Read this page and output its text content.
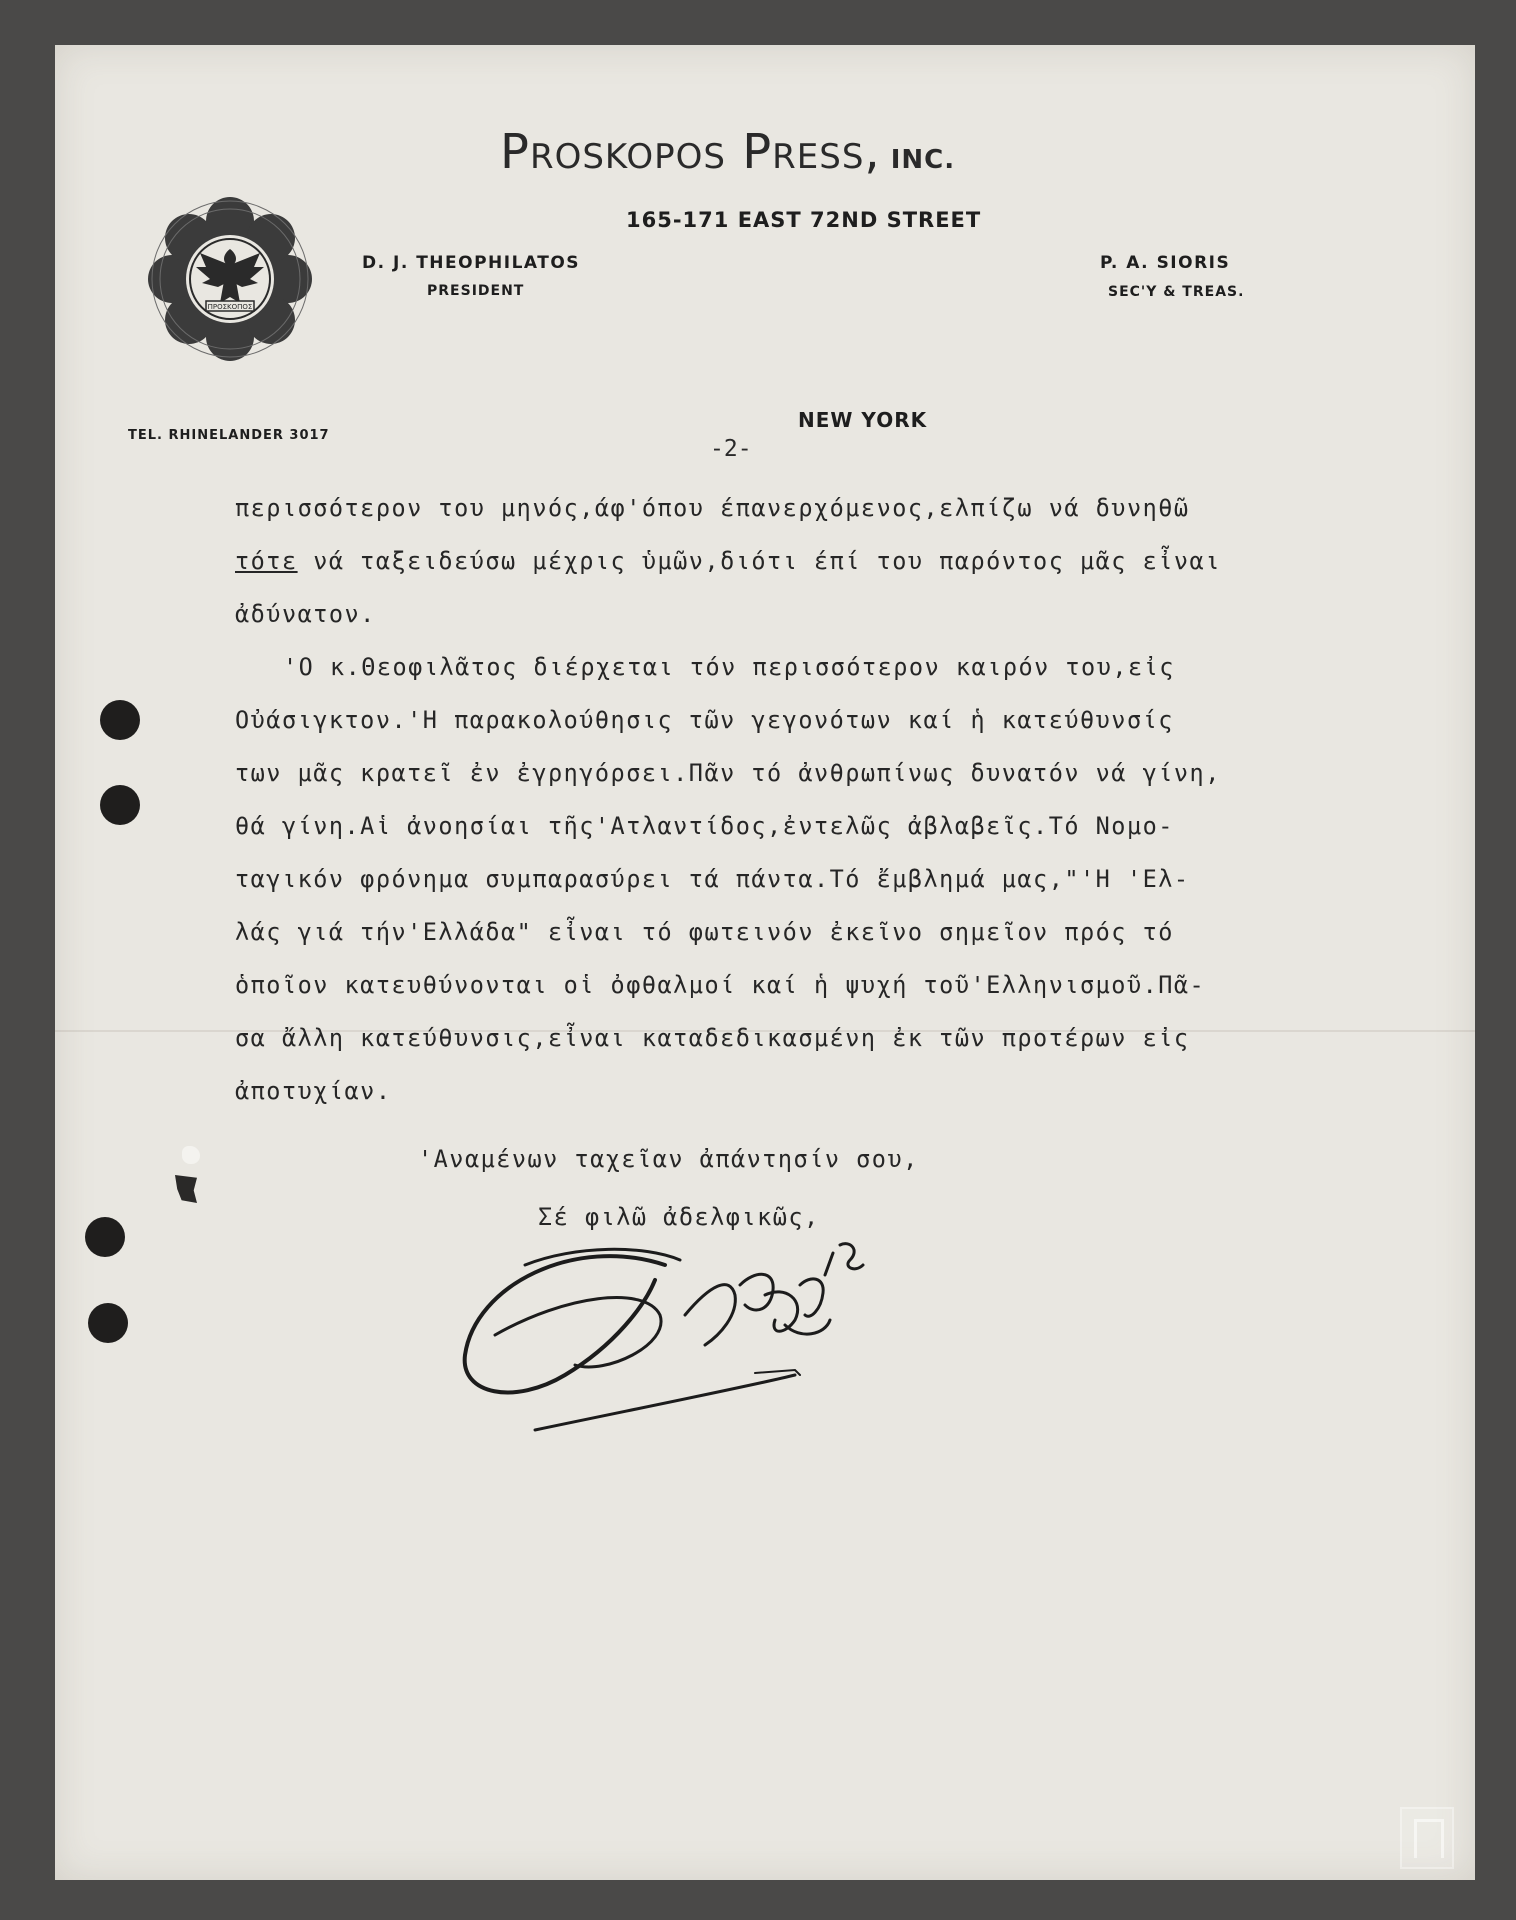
ΠΡΟΣΚΟΠΟΣ
Proskopos Press, INC.
165-171 EAST 72ND STREET
D. J. THEOPHILATOS
PRESIDENT
P. A. SIORIS
SEC'Y & TREAS.
TEL. RHINELANDER 3017
NEW YORK
-2-
περισσότερον του μηνός,άφ'όπου έπανερχόμενος,ελπίζω νά δυνηθῶ
τότε νά ταξειδεύσω μέχρις ὑμῶν,διότι έπί του παρόντος μᾶς εἶναι
ἀδύνατον.
'Ο κ.Θεοφιλᾶτος διέρχεται τόν περισσότερον καιρόν του,εἰς
Οὐάσιγκτον.'Η παρακολούθησις τῶν γεγονότων καί ἡ κατεύθυνσίς
των μᾶς κρατεῖ ἐν ἐγρηγόρσει.Πᾶν τό ἀνθρωπίνως δυνατόν νά γίνη,
θά γίνη.Αἱ ἀνοησίαι τῆς'Ατλαντίδος,ἐντελῶς ἀβλαβεῖς.Τό Νομο-
ταγικόν φρόνημα συμπαρασύρει τά πάντα.Τό ἔμβλημά μας,"'Η 'Ελ-
λάς γιά τήν'Ελλάδα" εἶναι τό φωτεινόν ἐκεῖνο σημεῖον πρός τό
ὁποῖον κατευθύνονται οἱ ὀφθαλμοί καί ἡ ψυχή τοῦ'Ελληνισμοῦ.Πᾶ-
σα ἄλλη κατεύθυνσις,εἶναι καταδεδικασμένη ἐκ τῶν προτέρων εἰς
ἀποτυχίαν.
'Αναμένων ταχεῖαν ἀπάντησίν σου,
Σέ φιλῶ ἀδελφικῶς,
Π.Α.Σιώρης
